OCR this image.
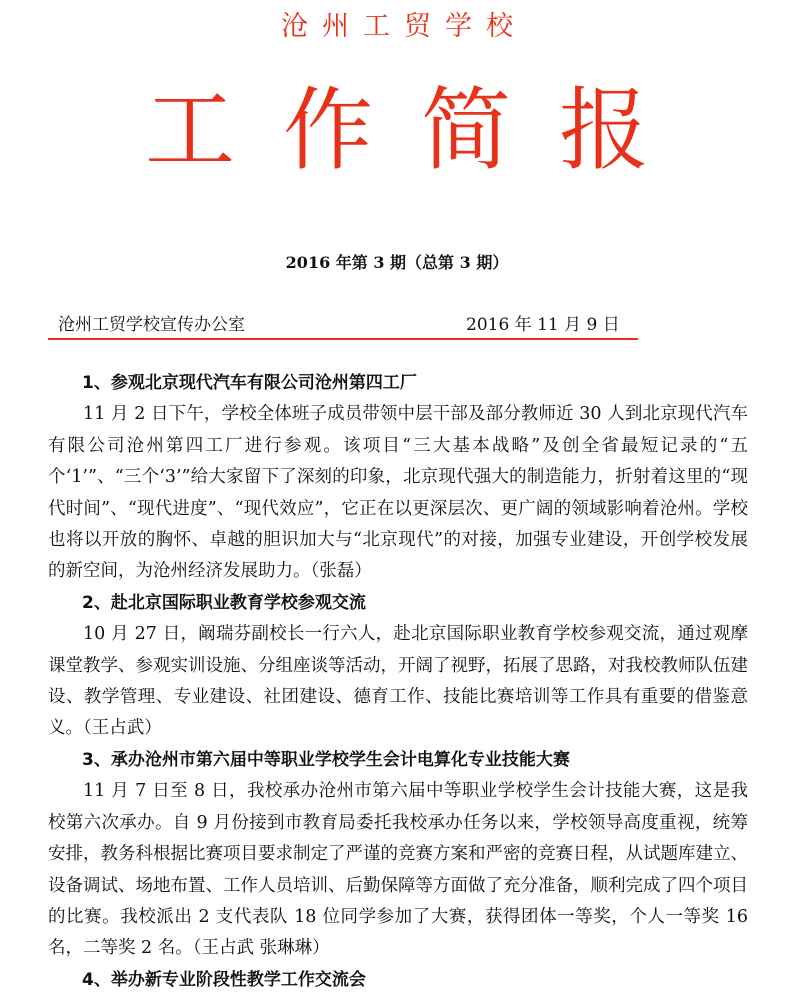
沧州工贸学校
工作简报
2016 年第 3 期（总第 3 期）
沧州工贸学校宣传办公室	2016 年 11 月 9 日

1、参观北京现代汽车有限公司沧州第四工厂

11 月 2 日下午，学校全体班子成员带领中层干部及部分教师近 30 人到北京现代汽车有限公司沧州第四工厂进行参观。该项目“三大基本战略”及创全省最短记录的“五个‘1’”、“三个‘3’”给大家留下了深刻的印象，北京现代强大的制造能力，折射着这里的“现代时间”、“现代进度”、“现代效应”，它正在以更深层次、更广阔的领域影响着沧州。学校也将以开放的胸怀、卓越的胆识加大与“北京现代”的对接，加强专业建设，开创学校发展的新空间，为沧州经济发展助力。（张磊）

2、赴北京国际职业教育学校参观交流

10 月 27 日，阚瑞芬副校长一行六人，赴北京国际职业教育学校参观交流，通过观摩课堂教学、参观实训设施、分组座谈等活动，开阔了视野，拓展了思路，对我校教师队伍建设、教学管理、专业建设、社团建设、德育工作、技能比赛培训等工作具有重要的借鉴意义。（王占武）

3、承办沧州市第六届中等职业学校学生会计电算化专业技能大赛

11 月 7 日至 8 日，我校承办沧州市第六届中等职业学校学生会计技能大赛，这是我校第六次承办。自 9 月份接到市教育局委托我校承办任务以来，学校领导高度重视，统筹安排，教务科根据比赛项目要求制定了严谨的竞赛方案和严密的竞赛日程，从试题库建立、设备调试、场地布置、工作人员培训、后勤保障等方面做了充分准备，顺利完成了四个项目的比赛。我校派出 2 支代表队 18 位同学参加了大赛，获得团体一等奖，个人一等奖 16 名，二等奖 2 名。（王占武 张琳琳）

4、举办新专业阶段性教学工作交流会
